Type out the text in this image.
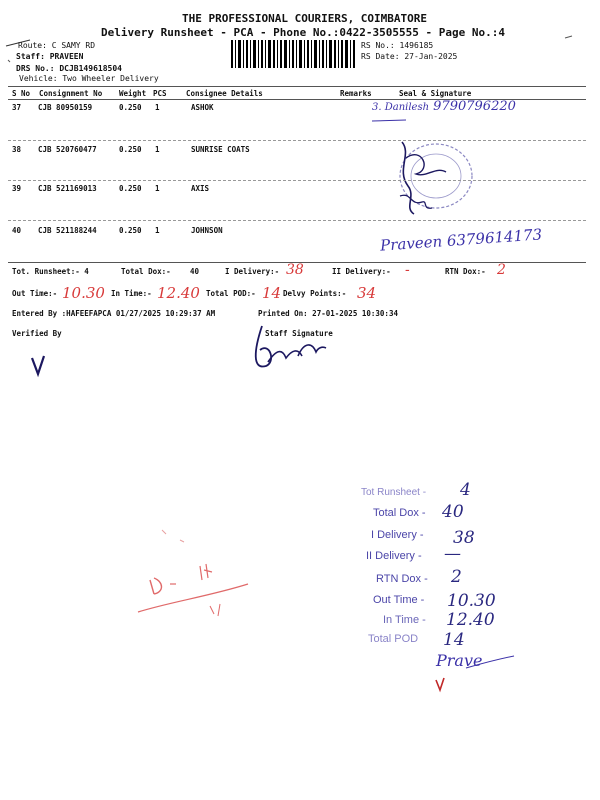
THE PROFESSIONAL COURIERS, COIMBATORE
Delivery Runsheet - PCA - Phone No.:0422-3505555 - Page No.:4
Route: C SAMY RD
Staff: PRAVEEN
DRS No.: DCJB149618504
Vehicle: Two Wheeler Delivery
RS No.: 1496185
RS Date: 27-Jan-2025
S No Consignment No Weight PCS	Consignee Details	Remarks	Seal & Signature
37 CJB 80950159	0.250 1	ASHOK	3. Danilesh 9790796220
38 CJB 520760477	0.250 1	SUNRISE COATS
39 CJB 521169013	0.250 1	AXIS
40 CJB 521188244	0.250 1	JOHNSON	Praveen 6379614173
Tot. Runsheet:- 4	Total Dox:-	40	I Delivery:- 38	II Delivery:- -	RTN Dox:- 2
Out Time:- 10.30 In Time:- 12.40 Total POD:- 14 Delvy Points:- 34
Entered By :HAFEEFAPCA 01/27/2025 10:29:37 AM	Printed On: 27-01-2025 10:30:34
Verified By	Staff Signature
Tot Runsheet - 4
Total Dox - 40
I Delivery - 38
II Delivery - —
RTN Dox - 2
Out Time - 10.30
In Time - 12.40
Total POD 14
Prave
